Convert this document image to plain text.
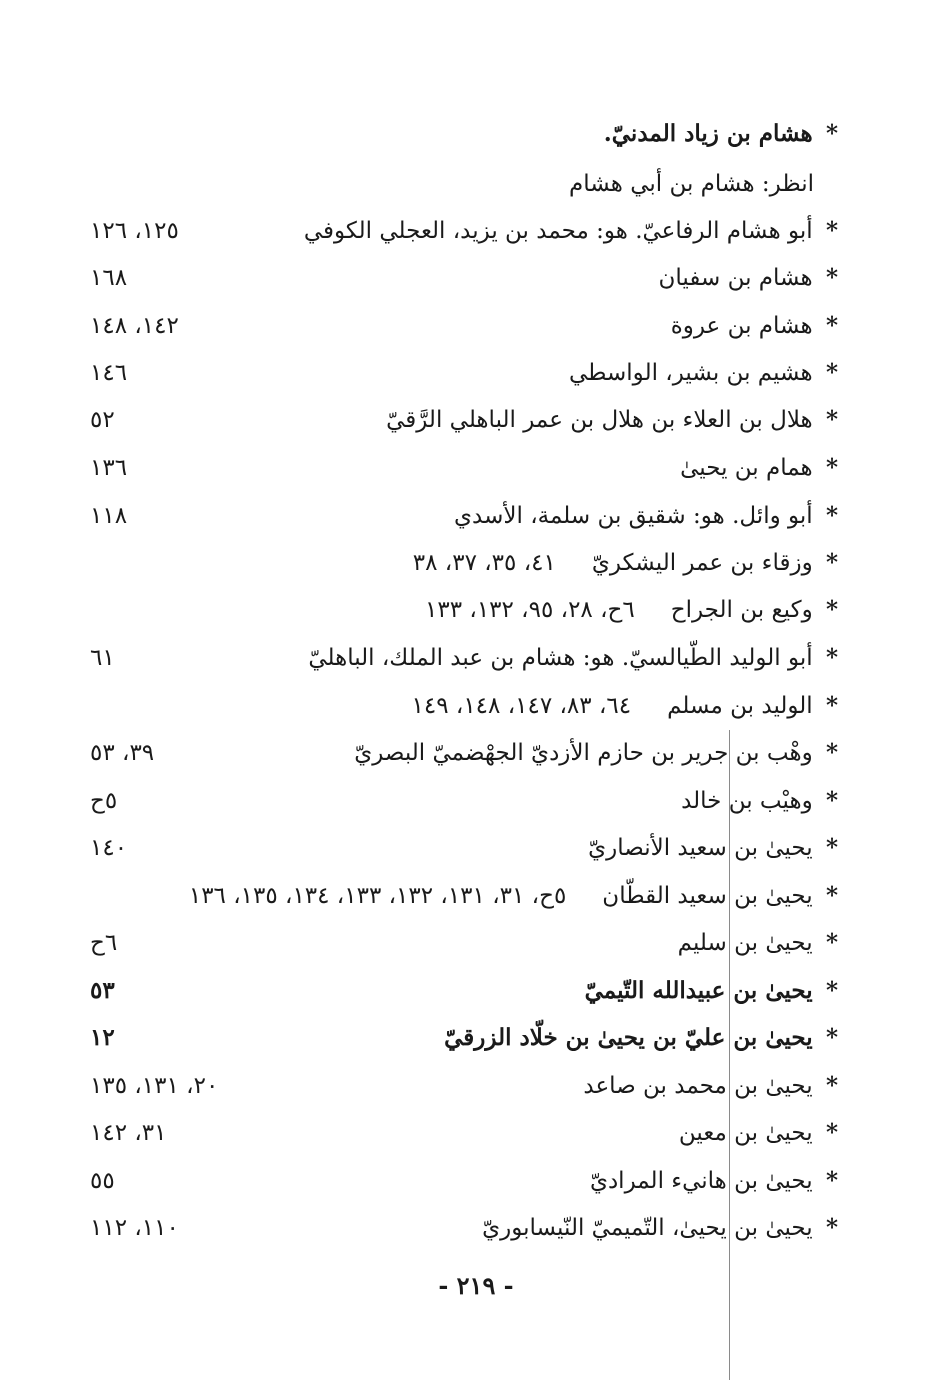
* هشام بن زياد المدنيّ.
انظر: هشام بن أبي هشام
* أبو هشام الرفاعيّ. هو: محمد بن يزيد، العجلي الكوفي
١٢٥، ١٢٦
* هشام بن سفيان
١٦٨
* هشام بن عروة
١٤٢، ١٤٨
* هشيم بن بشير، الواسطي
١٤٦
* هلال بن العلاء بن هلال بن عمر الباهلي الرَّقيّ
٥٢
* همام بن يحيىٰ
١٣٦
* أبو وائل. هو: شقيق بن سلمة، الأسدي
١١٨
* وزقاء بن عمر اليشكريّ
٤١، ٣٥، ٣٧، ٣٨
* وكيع بن الجراح
٦ح، ٢٨، ٩٥، ١٣٢، ١٣٣
* أبو الوليد الطّيالسيّ. هو: هشام بن عبد الملك، الباهليّ
٦١
* الوليد بن مسلم
٦٤، ٨٣، ١٤٧، ١٤٨، ١٤٩
* وهْب بن جرير بن حازم الأزديّ الجهْضميّ البصريّ
٣٩، ٥٣
* وهيْب بن خالد
٥ح
* يحيىٰ بن سعيد الأنصاريّ
١٤٠
* يحيىٰ بن سعيد القطّان
٥ح، ٣١، ١٣١، ١٣٢، ١٣٣، ١٣٤، ١٣٥، ١٣٦
* يحيىٰ بن سليم
٦ح
* يحيىٰ بن عبيدالله التّيميّ
٥٣
* يحيىٰ بن عليّ بن يحيىٰ بن خلّاد الزرقيّ
١٢
* يحيىٰ بن محمد بن صاعد
٢٠، ١٣١، ١٣٥
* يحيىٰ بن معين
٣١، ١٤٢
* يحيىٰ بن هانيء المراديّ
٥٥
* يحيىٰ بن يحيىٰ، التّميميّ النّيسابوريّ
١١٠، ١١٢
- ٢١٩ -
